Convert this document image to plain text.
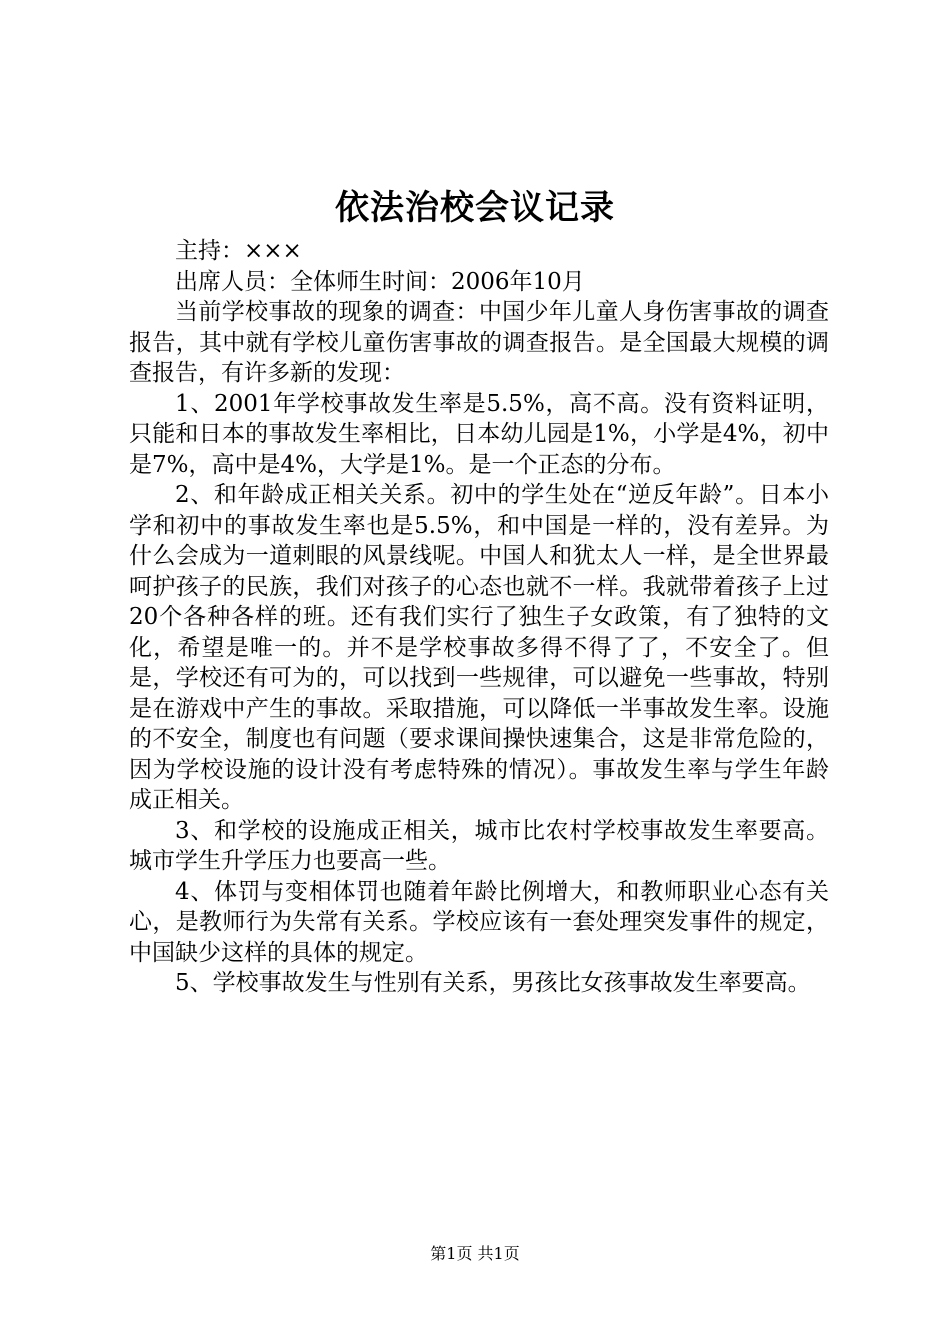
依法治校会议记录

主持：×××

出席人员：全体师生时间：2006年10月

当前学校事故的现象的调查：中国少年儿童人身伤害事故的调查报告，其中就有学校儿童伤害事故的调查报告。是全国最大规模的调查报告，有许多新的发现：

1、2001年学校事故发生率是5.5%，高不高。没有资料证明，只能和日本的事故发生率相比，日本幼儿园是1%，小学是4%，初中是7%，高中是4%，大学是1%。是一个正态的分布。

2、和年龄成正相关关系。初中的学生处在“逆反年龄”。日本小学和初中的事故发生率也是5.5%，和中国是一样的，没有差异。为什么会成为一道刺眼的风景线呢。中国人和犹太人一样，是全世界最呵护孩子的民族，我们对孩子的心态也就不一样。我就带着孩子上过20个各种各样的班。还有我们实行了独生子女政策，有了独特的文化，希望是唯一的。并不是学校事故多得不得了了，不安全了。但是，学校还有可为的，可以找到一些规律，可以避免一些事故，特别是在游戏中产生的事故。采取措施，可以降低一半事故发生率。设施的不安全，制度也有问题（要求课间操快速集合，这是非常危险的，因为学校设施的设计没有考虑特殊的情况）。事故发生率与学生年龄成正相关。

3、和学校的设施成正相关，城市比农村学校事故发生率要高。城市学生升学压力也要高一些。

4、体罚与变相体罚也随着年龄比例增大，和教师职业心态有关心，是教师行为失常有关系。学校应该有一套处理突发事件的规定，中国缺少这样的具体的规定。

5、学校事故发生与性别有关系，男孩比女孩事故发生率要高。

第1页 共1页
